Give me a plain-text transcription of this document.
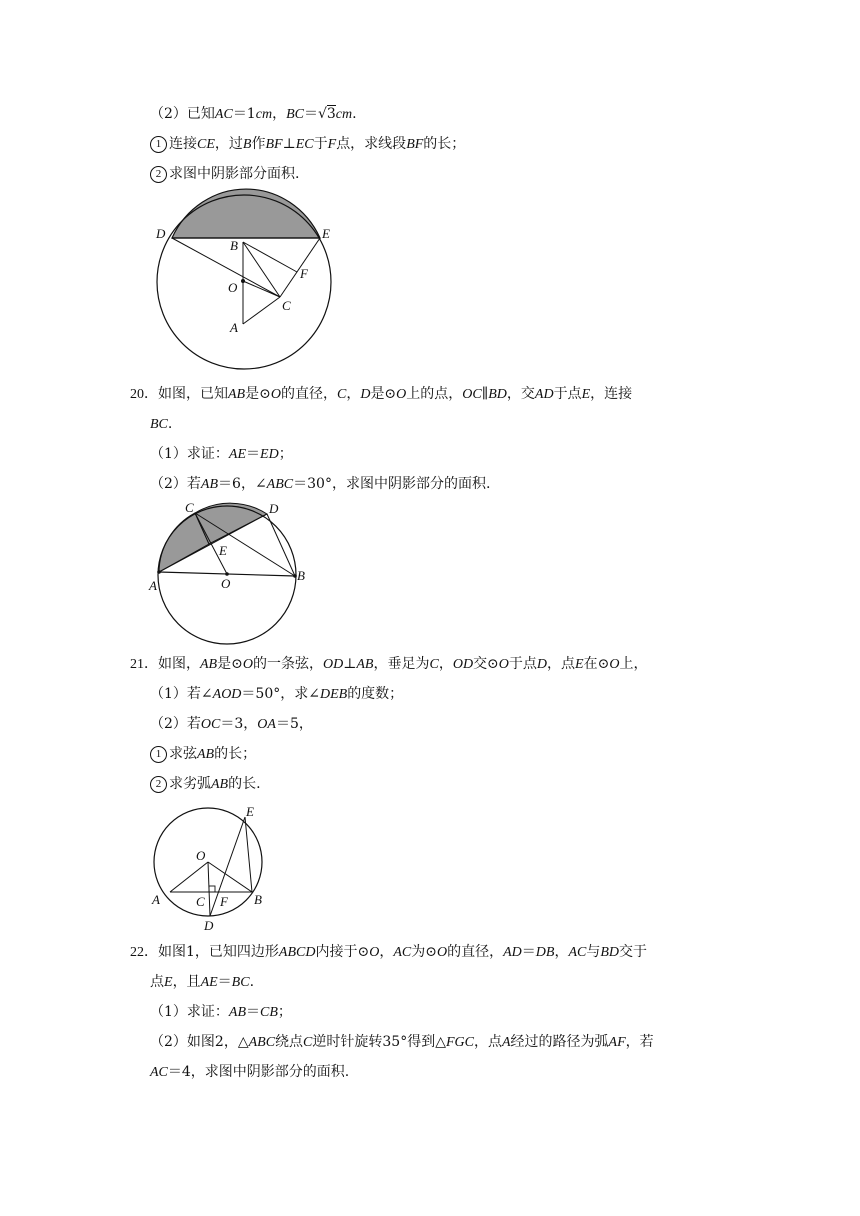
（2）已知AC＝1cm，BC＝√3cm.
1 连接CE，过B作BF⊥EC于F点，求线段BF的长；
2 求图中阴影部分面积.
D	E
B
F
O
C
A
20．如图，已知AB是⊙O的直径，C，D是⊙O上的点，OC∥BD，交AD于点E，连接
BC.
（1）求证：AE＝ED；
（2）若AB＝6，∠ABC＝30°，求图中阴影部分的面积.
C	D
E
A	O
B
21．如图，AB是⊙O的一条弦，OD⊥AB，垂足为C，OD交⊙O于点D，点E在⊙O上，
（1）若∠AOD＝50°，求∠DEB的度数；
（2）若OC＝3，OA＝5，
1 求弦AB的长；
2 求劣弧AB的长.
E
O
A	C F B
D
22．如图1，已知四边形ABCD内接于⊙O，AC为⊙O的直径，AD＝DB，AC与BD交于
点E，且AE＝BC.
（1）求证：AB＝CB；
（2）如图2，△ABC绕点C逆时针旋转35°得到△FGC，点A经过的路径为弧AF，若
AC＝4，求图中阴影部分的面积.
